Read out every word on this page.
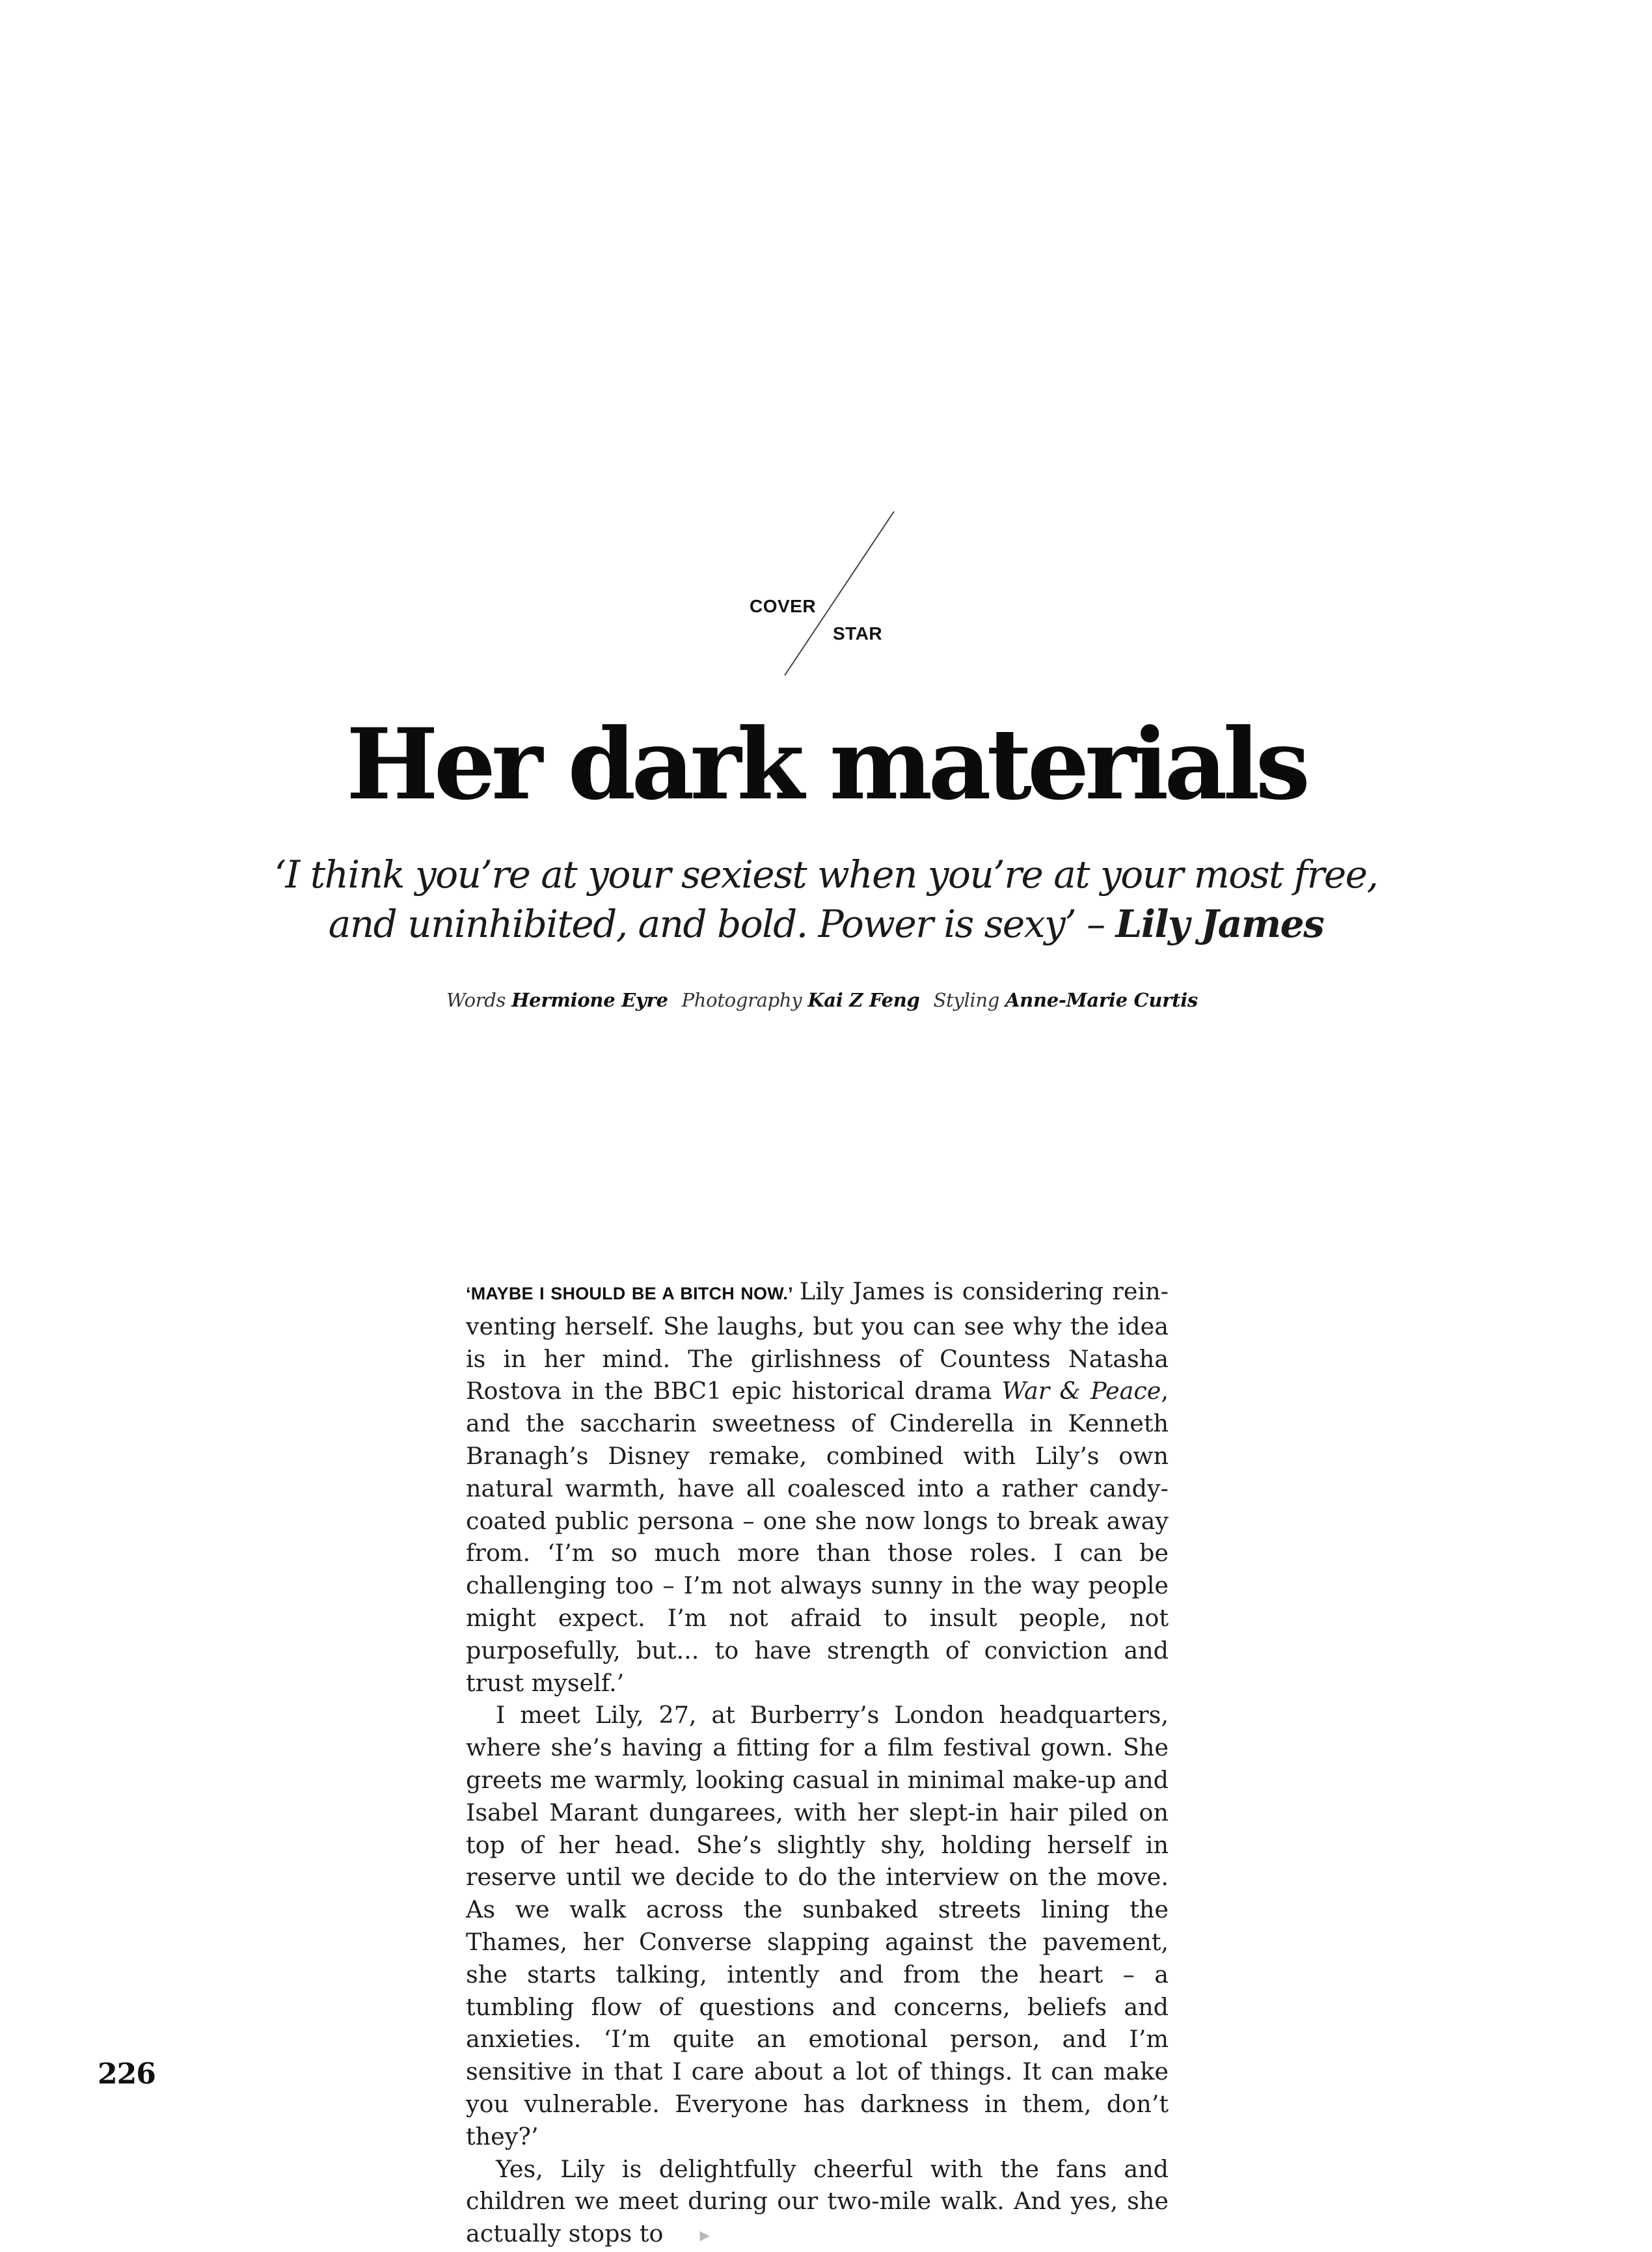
COVER
STAR
Her dark materials
‘I think you’re at your sexiest when you’re at your most free,
and uninhibited, and bold. Power is sexy’ – Lily James
Words Hermione Eyre Photography Kai Z Feng Styling Anne-Marie Curtis

‘MAYBE I SHOULD BE A BITCH NOW.’ Lily James is considering reinventing herself. She laughs, but you can see why the idea is in her mind. The girlishness of Countess Natasha Rostova in the BBC1 epic historical drama War & Peace, and the saccharin sweetness of Cinderella in Kenneth Branagh’s Disney remake, combined with Lily’s own natural warmth, have all coalesced into a rather candy-coated public persona – one she now longs to break away from. ‘I’m so much more than those roles. I can be challenging too – I’m not always sunny in the way people might expect. I’m not afraid to insult people, not purposefully, but... to have strength of conviction and trust myself.’

I meet Lily, 27, at Burberry’s London headquarters, where she’s having a fitting for a film festival gown. She greets me warmly, looking casual in minimal make-up and Isabel Marant dungarees, with her slept-in hair piled on top of her head. She’s slightly shy, holding herself in reserve until we decide to do the interview on the move. As we walk across the sunbaked streets lining the Thames, her Converse slapping against the pavement, she starts talking, intently and from the heart – a tumbling flow of questions and concerns, beliefs and anxieties. ‘I’m quite an emotional person, and I’m sensitive in that I care about a lot of things. It can make you vulnerable. Everyone has darkness in them, don’t they?’

Yes, Lily is delightfully cheerful with the fans and children we meet during our two-mile walk. And yes, she actually stops to	▶

226
